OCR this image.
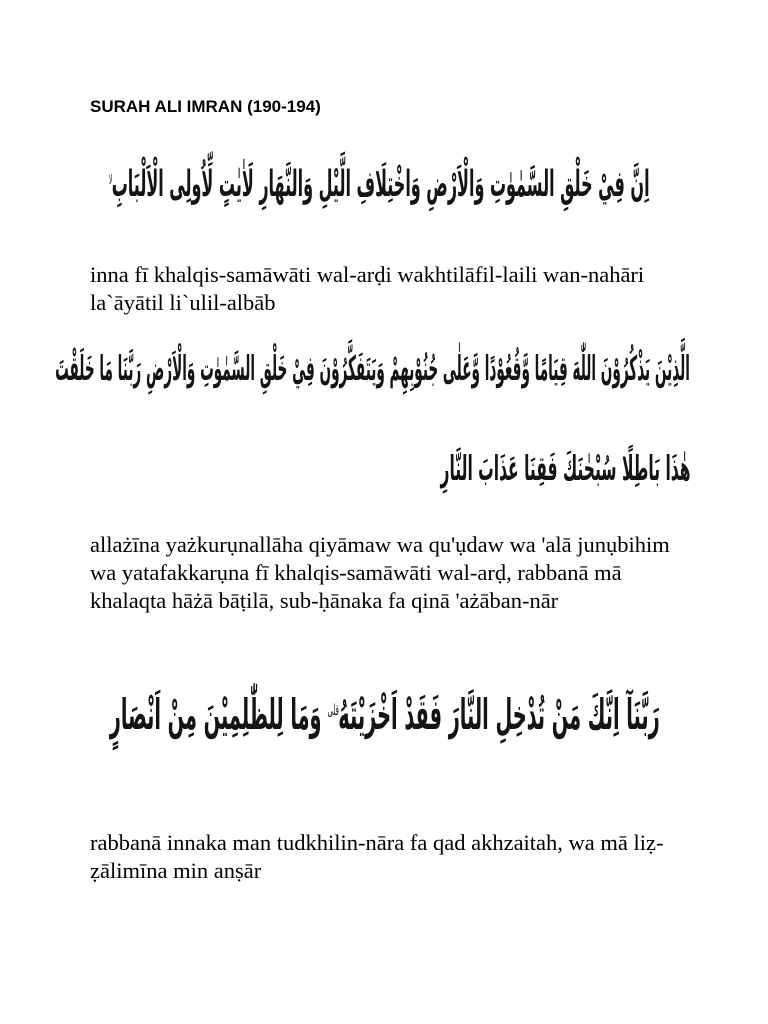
SURAH ALI IMRAN (190-194)
اِنَّ فِيْ خَلْقِ السَّمٰوٰتِ وَالْاَرْضِ وَاخْتِلَافِ الَّيْلِ وَالنَّهَارِ لَاٰيٰتٍ لِّاُولِى الْاَلْبَابِلا
inna fī khalqis-samāwāti wal-arḍi wakhtilāfil-laili wan-nahāri
la`āyātil li`ulil-albāb
الَّذِيْنَ يَذْكُرُوْنَ اللّٰهَ قِيَامًا وَّقُعُوْدًا وَّعَلٰى جُنُوْبِهِمْ وَيَتَفَكَّرُوْنَ فِيْ خَلْقِ السَّمٰوٰتِ وَالْاَرْضِ رَبَّنَا مَا خَلَقْتَ
هٰذَا بَاطِلًا سُبْحٰنَكَ فَقِنَا عَذَابَ النَّارِ
allażīna yażkurụnallāha qiyāmaw wa qu'ụdaw wa 'alā junụbihim
wa yatafakkarụna fī khalqis-samāwāti wal-arḍ, rabbanā mā
khalaqta hāżā bāṭilā, sub-ḥānaka fa qinā 'ażāban-nār
رَبَّنَآ اِنَّكَ مَنْ تُدْخِلِ النَّارَ فَقَدْ اَخْزَيْتَهُقلى وَمَا لِلظّٰلِمِيْنَ مِنْ اَنْصَارٍ
rabbanā innaka man tudkhilin-nāra fa qad akhzaitah, wa mā liẓ-
ẓālimīna min anṣār
